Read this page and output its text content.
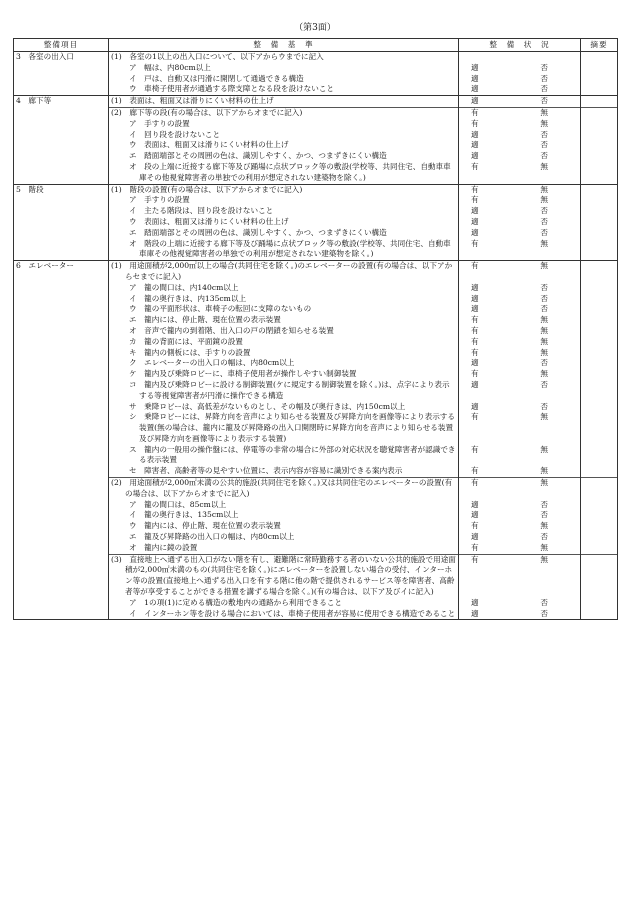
（第3面）
整備項目	整　備　基　準	整　備　状　況	摘要
3　各室の出入口	(1)　各室の1以上の出入口について、以下アからウまでに記入		

	ア　幅は、内80cm以上	適 否	

	イ　戸は、自動又は円滑に開閉して通過できる構造	適 否	

	ウ　車椅子使用者が通過する際支障となる段を設けないこと	適 否	

4　廊下等	(1)　表面は、粗面又は滑りにくい材料の仕上げ	適 否	

	(2)　廊下等の段(有の場合は、以下アからオまでに記入)	有 無	

	ア　手すりの設置	有 無	

	イ　回り段を設けないこと	適 否	

	ウ　表面は、粗面又は滑りにくい材料の仕上げ	適 否	

	エ　踏面端部とその周囲の色は、識別しやすく、かつ、つまずきにくい構造	適 否	

	オ　段の上端に近接する廊下等及び踊場に点状ブロック等の敷設(学校等、共同住宅、自動車車庫その他視覚障害者の単独での利用が想定されない建築物を除く。)	有 無	

5　階段	(1)　階段の設置(有の場合は、以下アからオまでに記入)	有 無	

	ア　手すりの設置	有 無	

	イ　主たる階段は、回り段を設けないこと	適 否	

	ウ　表面は、粗面又は滑りにくい材料の仕上げ	適 否	

	エ　踏面端部とその周囲の色は、識別しやすく、かつ、つまずきにくい構造	適 否	

	オ　階段の上端に近接する廊下等及び踊場に点状ブロック等の敷設(学校等、共同住宅、自動車車庫その他視覚障害者の単独での利用が想定されない建築物を除く。)	有 無	

6　エレベーター	(1)　用途面積が2,000㎡以上の場合(共同住宅を除く。)のエレベーターの設置(有の場合は、以下アからセまでに記入)	有 無	

	ア　籠の間口は、内140cm以上	適 否	

	イ　籠の奥行きは、内135cm以上	適 否	

	ウ　籠の平面形状は、車椅子の転回に支障のないもの	適 否	

	エ　籠内には、停止階、現在位置の表示装置	有 無	

	オ　音声で籠内の到着階、出入口の戸の閉鎖を知らせる装置	有 無	

	カ　籠の背面には、平面鏡の設置	有 無	

	キ　籠内の側板には、手すりの設置	有 無	

	ク　エレベーターの出入口の幅は、内80cm以上	適 否	

	ケ　籠内及び乗降ロビーに、車椅子使用者が操作しやすい制御装置	有 無	

	コ　籠内及び乗降ロビーに設ける制御装置(ケに規定する制御装置を除く。)は、点字により表示する等視覚障害者が円滑に操作できる構造	適 否	

	サ　乗降ロビーは、高低差がないものとし、その幅及び奥行きは、内150cm以上	適 否	

	シ　乗降ロビーには、昇降方向を音声により知らせる装置及び昇降方向を画像等により表示する装置(無の場合は、籠内に籠及び昇降路の出入口開閉時に昇降方向を音声により知らせる装置及び昇降方向を画像等により表示する装置)	有 無	

	ス　籠内の一般用の操作盤には、停電等の非常の場合に外部の対応状況を聴覚障害者が認識できる表示装置	有 無	

	セ　障害者、高齢者等の見やすい位置に、表示内容が容易に識別できる案内表示	有 無	

	(2)　用途面積が2,000㎡未満の公共的施設(共同住宅を除く。)又は共同住宅のエレベーターの設置(有の場合は、以下アからオまでに記入)	有 無	

	ア　籠の間口は、85cm以上	適 否	

	イ　籠の奥行きは、135cm以上	適 否	

	ウ　籠内には、停止階、現在位置の表示装置	有 無	

	エ　籠及び昇降路の出入口の幅は、内80cm以上	適 否	

	オ　籠内に鏡の設置	有 無	

	(3)　直接地上へ通ずる出入口がない階を有し、避難階に常時勤務する者のいない公共的施設で用途面積が2,000㎡未満のもの(共同住宅を除く。)にエレベーターを設置しない場合の受付、インターホン等の設置(直接地上へ通ずる出入口を有する階に他の階で提供されるサービス等を障害者、高齢者等が享受することができる措置を講ずる場合を除く。)(有の場合は、以下ア及びイに記入)	有 無	

	ア　1の項(1)に定める構造の敷地内の通路から利用できること	適 否	

	イ　インターホン等を設ける場合においては、車椅子使用者が容易に使用できる構造であること	適 否	
